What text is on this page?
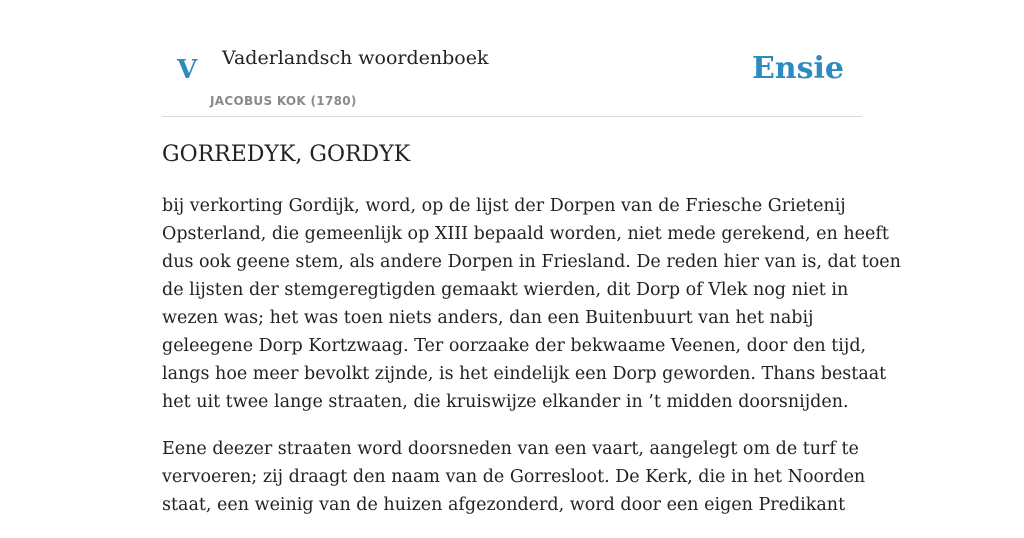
V Vaderlandsch woordenboek
JACOBUS KOK (1780)
Ensie
GORREDYK, GORDYK

bij verkorting Gordijk, word, op de lijst der Dorpen van de Friesche Grietenij
Opsterland, die gemeenlijk op XIII bepaald worden, niet mede gerekend, en heeft
dus ook geene stem, als andere Dorpen in Friesland. De reden hier van is, dat toen
de lijsten der stemgeregtigden gemaakt wierden, dit Dorp of Vlek nog niet in
wezen was; het was toen niets anders, dan een Buitenbuurt van het nabij
geleegene Dorp Kortzwaag. Ter oorzaake der bekwaame Veenen, door den tijd,
langs hoe meer bevolkt zijnde, is het eindelijk een Dorp geworden. Thans bestaat
het uit twee lange straaten, die kruiswijze elkander in ’t midden doorsnijden.

Eene deezer straaten word doorsneden van een vaart, aangelegt om de turf te
vervoeren; zij draagt den naam van de Gorresloot. De Kerk, die in het Noorden
staat, een weinig van de huizen afgezonderd, word door een eigen Predikant
